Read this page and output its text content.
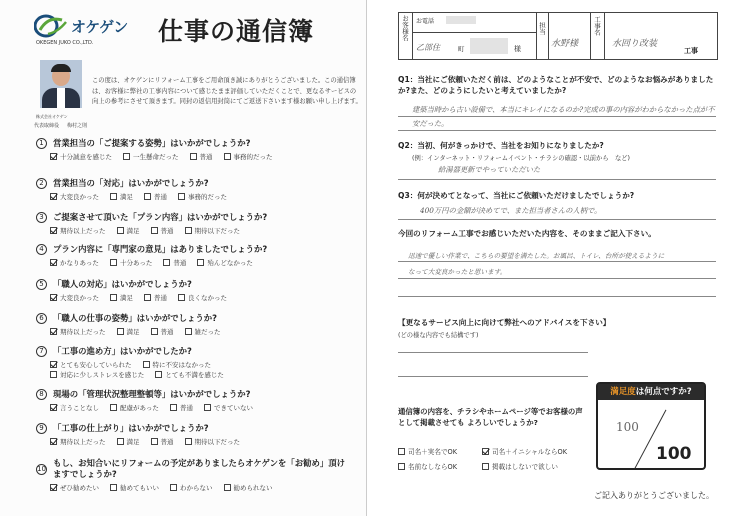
オケゲン
OKEGEN JUKO CO.,LTD.	仕事の通信簿
株式会社オケゲン
代表取締役 梅村之則
この度は、オケゲンにリフォーム工事をご用命頂き誠にありがとうございました。この通信簿は、お客様に弊社の工事内容について感じたまま評価していただくことで、更なるサービスの向上の参考にさせて頂きます。同封の返信用封筒にてご返送下さいます様お願い申し上げます。
1	営業担当の「ご提案する姿勢」はいかがでしょうか?
十分誠意を感じた	一生懸命だった	普通	事務的だった
2	営業担当の「対応」はいかがでしょうか?
大変良かった	満足	普通	事務的だった
3	ご提案させて頂いた「プラン内容」はいかがでしょうか?
期待以上だった	満足	普通	期待以下だった
4	プラン内容に「専門家の意見」はありましたでしょうか?
かなりあった	十分あった	普通	殆んどなかった
5	「職人の対応」はいかがでしょうか?
大変良かった	満足	普通	良くなかった
6	「職人の仕事の姿勢」はいかがでしょうか?
期待以上だった	満足	普通	雑だった
7	「工事の進め方」はいかがでしたか?
とても安心していられた	特に不安はなかった
対応に少しストレスを感じた	とても不満を感じた
8	現場の「管理状況整理整頓等」はいかがでしょうか?
言うことなし	配慮があった	普通	できていない
9	「工事の仕上がり」はいかがでしょうか?
期待以上だった	満足	普通	期待以下だった
10
もし、お知合いにリフォームの予定がありましたらオケゲンを「お勧め」頂けますでしょうか?
ぜひ勧めたい	勧めてもいい	わからない	勧められない
お客様名 お電話
乙部住	町	様
担当
水野様
工事名
水回り改装
工事
Q1：当社にご依頼いただく前は、どのようなことが不安で、どのようなお悩みがありましたか?また、どのようにしたいと考えていましたか?
建築当時から古い設備で、本当にキレイになるのか?完成の事の内容がわからなかった点が不安だった。
Q2：当初、何がきっかけで、当社をお知りになりましたか?
(例：インターネット・リフォームイベント・チラシの確認・以前から　など)
給湯器更新でやっていただいた
Q3：何が決めてとなって、当社にご依頼いただけましたでしょうか?
400万円の金額が決めてで、また担当者さんの人柄で。
今回のリフォーム工事でお感じいただいた内容を、そのままご記入下さい。
迅速で優しい作業で、こちらの要望を満たした。お風呂、トイレ、台所が使えるように
なって大変良かったと思います。
【更なるサービス向上に向けて弊社へのアドバイスを下さい】
(どの様な内容でも結構です)
通信簿の内容を、チラシやホームページ等でお客様の声として掲載させても よろしいでしょうか?
司名＋実名でOK	司名＋イニシャルならOK
名前なしならOK	掲載はしないで欲しい
満足度は何点ですか?
100
100
ご記入ありがとうございました。
